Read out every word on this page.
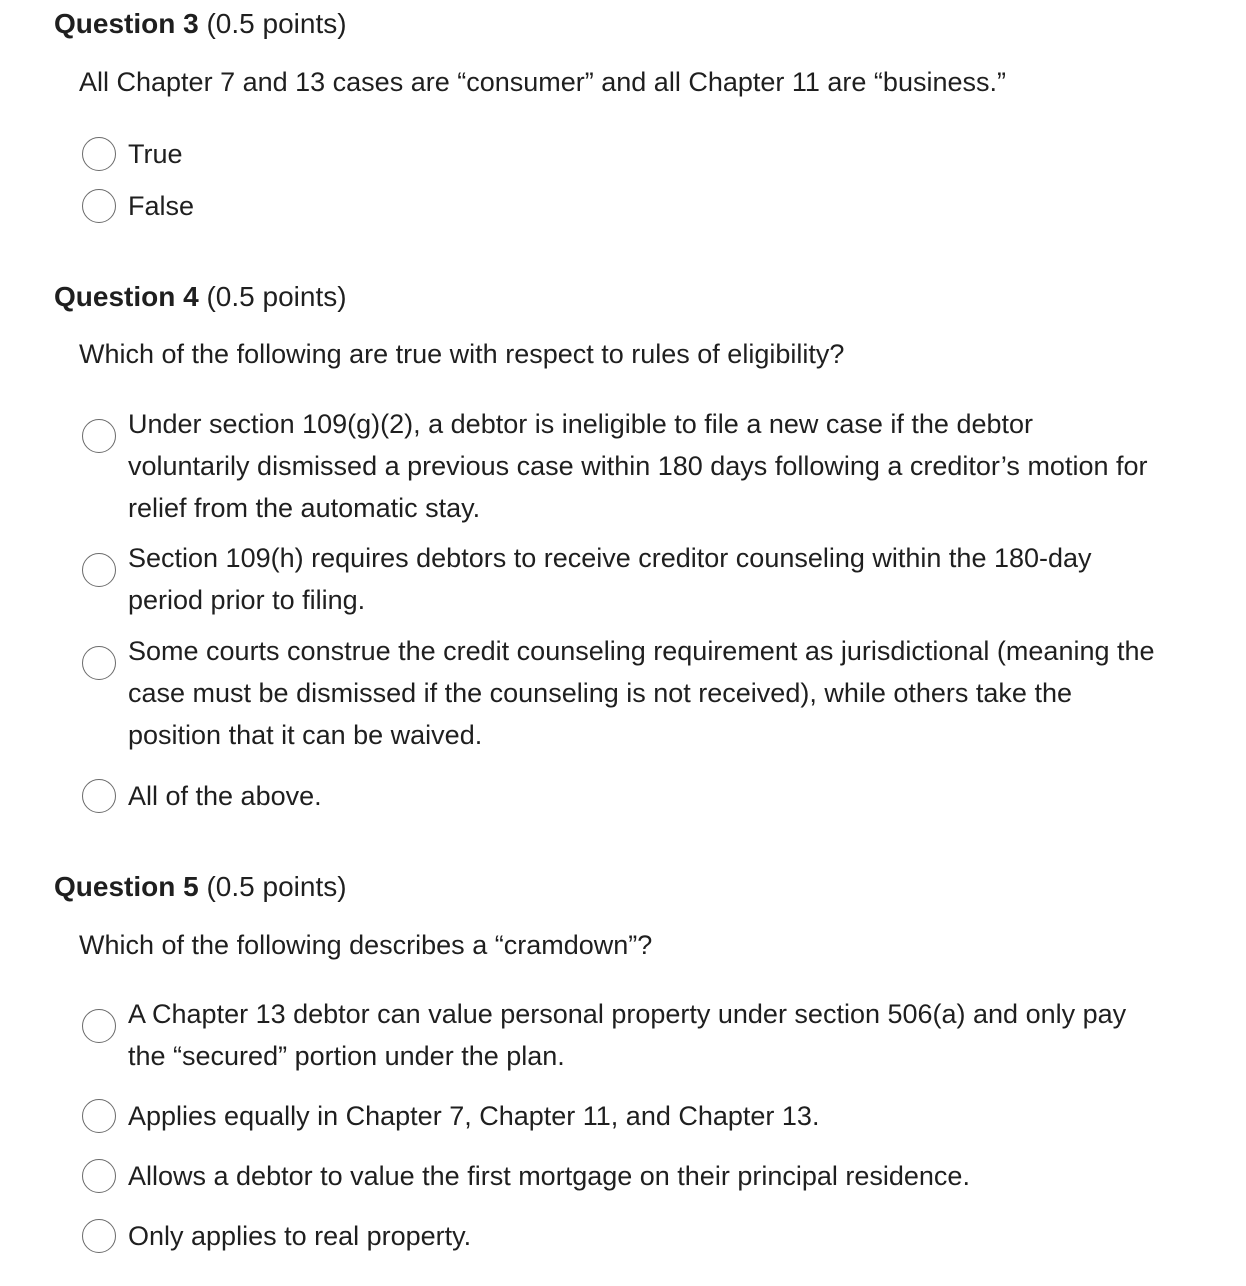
Question 3 (0.5 points)
All Chapter 7 and 13 cases are “consumer” and all Chapter 11 are “business.”
True
False
Question 4 (0.5 points)
Which of the following are true with respect to rules of eligibility?
Under section 109(g)(2), a debtor is ineligible to file a new case if the debtor voluntarily dismissed a previous case within 180 days following a creditor’s motion for relief from the automatic stay.
Section 109(h) requires debtors to receive creditor counseling within the 180-day period prior to filing.
Some courts construe the credit counseling requirement as jurisdictional (meaning the case must be dismissed if the counseling is not received), while others take the position that it can be waived.
All of the above.
Question 5 (0.5 points)
Which of the following describes a “cramdown”?
A Chapter 13 debtor can value personal property under section 506(a) and only pay the “secured” portion under the plan.
Applies equally in Chapter 7, Chapter 11, and Chapter 13.
Allows a debtor to value the first mortgage on their principal residence.
Only applies to real property.
